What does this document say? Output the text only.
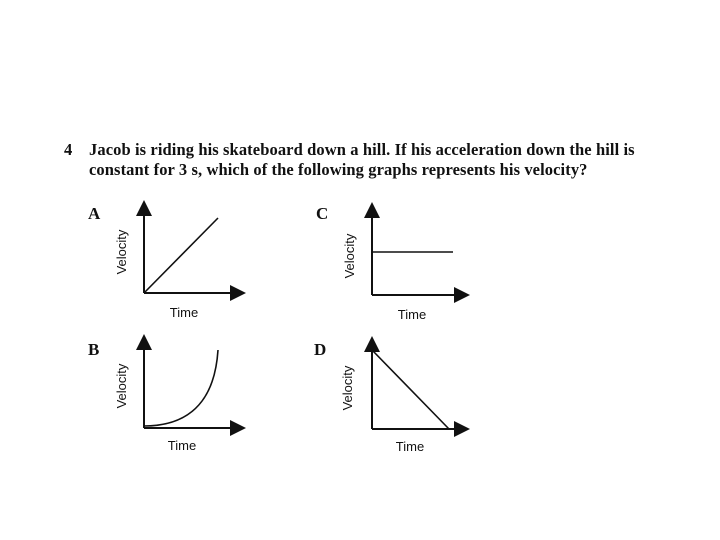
4	Jacob is riding his skateboard down a hill. If his acceleration down the hill is
constant for 3 s, which of the following graphs represents his velocity?
A
Velocity
Time
C
Velocity
Time
B
Velocity
Time
D
Velocity
Time
